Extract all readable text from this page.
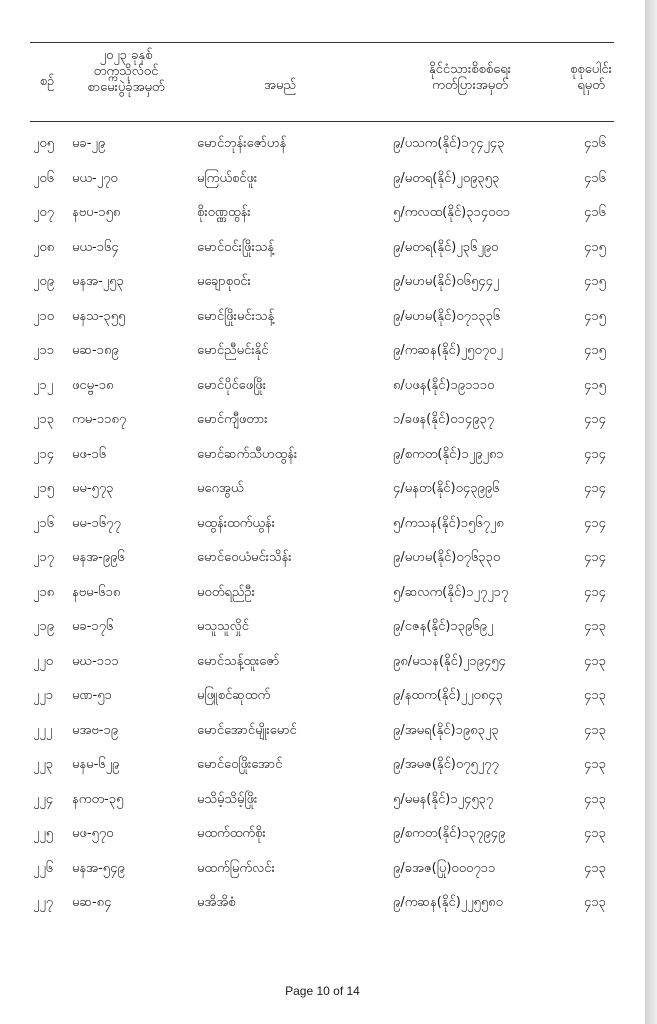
စဉ်
၂၀၂၃ ခုနှစ်
တက္ကသိုလ်ဝင်
စာမေးပွဲခုံအမှတ်	အမည်
နိုင်ငံသားစိစစ်ရေး
ကတ်ပြားအမှတ်
စုစုပေါင်း
ရမှတ်
၂၀၅ မခ-၂၉	မောင်ဘုန်းဇော်ဟန်	၉/ပသက(နိုင်)၁၇၄၂၄၃	၄၁၆
၂၀၆ မယ-၂၇၀	မကြယ်စင်ဖူး	၉/မတရ(နိုင်)၂၀၉၃၅၃	၄၁၆
၂၀၇ နဗပ-၁၅၈	စိုးဝဏ္ဏထွန်း	၅/ကလထ(နိုင်)၃၁၄၀၀၁	၄၁၆
၂၀၈ မယ-၁၆၄	မောင်ဝင်းဖြိုးသန့်	၉/မတရ(နိုင်)၂၃၆၂၉၀	၄၁၅
၂၀၉ မနအ-၂၅၃	မချောစုဝင်း	၉/မဟမ(နိုင်)၀၆၅၄၄၂	၄၁၅
၂၁၀ မနသ-၃၅၅	မောင်ဖြိုးမင်းသန့်	၉/မဟမ(နိုင်)၀၇၁၃၃၆	၄၁၅
၂၁၁ မဆ-၁၈၉	မောင်ညီမင်းနိုင်	၉/ကဆန(နိုင်)၂၅၀၇၀၂	၄၁၅
၂၁၂ ဖငမ္ဗ-၁၈	မောင်ပိုင်ဖေဖြိုး	၈/ပဖန(နိုင်)၁၉၁၁၁၀	၄၁၅
၂၁၃ ကမ-၁၁၈၇	မောင်ကျီဖတား	၁/ခဖန(နိုင်)၀၁၄၉၃၇	၄၁၄
၂၁၄ မဖ-၁၆	မောင်ဆက်သီဟထွန်း	၉/စကတ(နိုင်)၁၂၉၂၈၁	၄၁၄
၂၁၅ မမ-၅၇၃	မဂေအွယ်	၄/မနတ(နိုင်)၀၄၃၉၉၆	၄၁၄
၂၁၆ မမ-၁၆၇၇	မထွန်းထက်ယွန်း	၅/ကသန(နိုင်)၁၅၆၇၂၈	၄၁၄
၂၁၇ မနအ-၉၉၆	မောင်ဝေယံမင်းသိန်း	၉/မဟမ(နိုင်)၀၇၆၃၃၀	၄၁၄
၂၁၈ နဗမ-၆၁၈	မဝတ်ရည်ဦး	၅/ဆလက(နိုင်)၁၂၇၂၁၇	၄၁၄
၂၁၉ မခ-၁၇၆	မသူသူလှိုင်	၉/ငဇန(နိုင်)၁၃၉၆၉၂	၄၁၃
၂၂၀ မဃ-၁၁၁	မောင်သန့်ထူးဇော်	၉၈/မသန(နိုင်)၂၁၉၄၅၄	၄၁၃
၂၂၁ မဏ-၅၁	မဖြူစင်ဆုထက်	၉/နထက(နိုင်)၂၂၀၈၄၃	၄၁၃
၂၂၂ မအဗ-၁၉	မောင်အောင်မျိုးမောင်	၉/အမရ(နိုင်)၁၉၈၃၂၃	၄၁၃
၂၂၃ မနမ-၆၂၉	မောင်ဝေဖြိုးအောင်	၉/အမဇ(နိုင်)၀၇၅၂၇၇	၄၁၃
၂၂၄ နကတ-၃၅	မသိမ့်သိမ့်ဖြိုး	၅/မမန(နိုင်)၁၂၄၅၃၇	၄၁၃
၂၂၅ မဖ-၅၇၀	မထက်ထက်စိုး	၉/စကတ(နိုင်)၁၃၇၉၄၉	၄၁၃
၂၂၆ မနအ-၅၄၉	မထက်မြက်လင်း	၉/ခအဇ(ပြု)၀၀၀၇၁၁	၄၁၃
၂၂၇ မဆ-၈၄	မအိအိစံ	၉/ကဆန(နိုင်)၂၂၅၅၈၀	၄၁၃
Page 10 of 14
